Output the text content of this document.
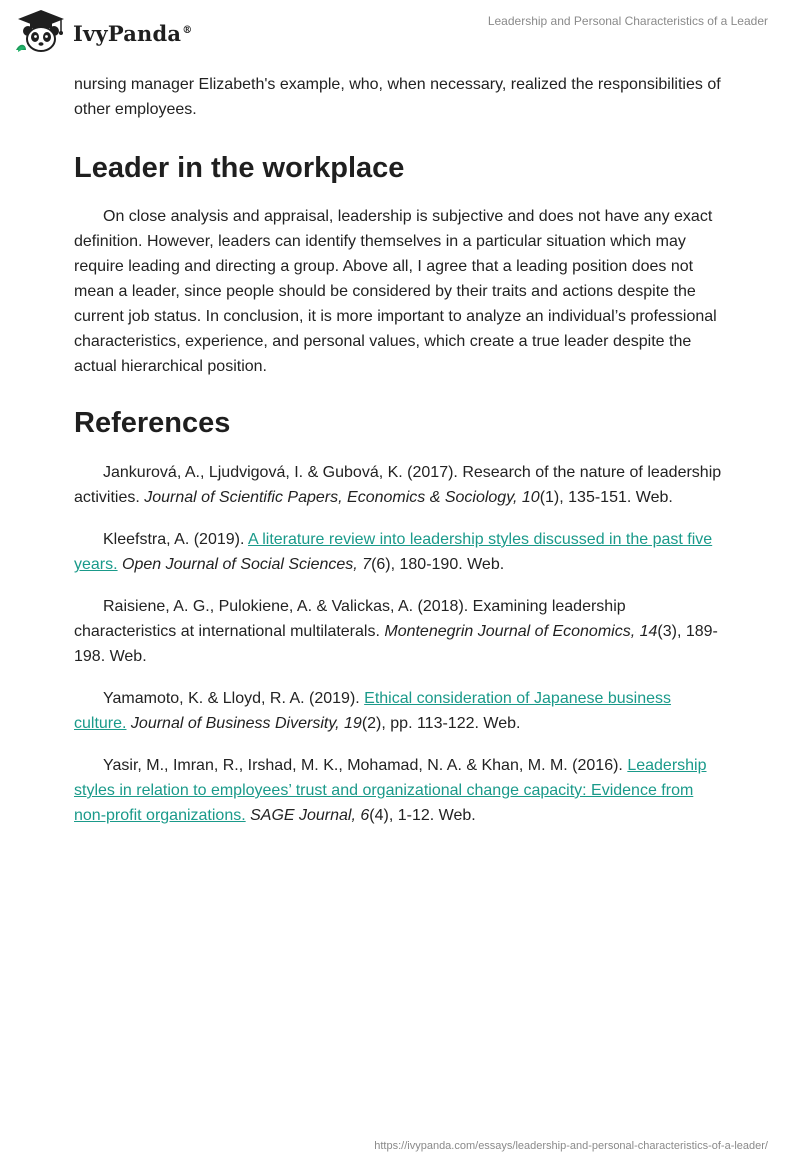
IvyPanda®
Leadership and Personal Characteristics of a Leader

nursing manager Elizabeth's example, who, when necessary, realized the responsibilities of other employees.

Leader in the workplace

On close analysis and appraisal, leadership is subjective and does not have any exact definition. However, leaders can identify themselves in a particular situation which may require leading and directing a group. Above all, I agree that a leading position does not mean a leader, since people should be considered by their traits and actions despite the current job status. In conclusion, it is more important to analyze an individual’s professional characteristics, experience, and personal values, which create a true leader despite the actual hierarchical position.

References

Jankurová, A., Ljudvigová, I. & Gubová, K. (2017). Research of the nature of leadership activities. Journal of Scientific Papers, Economics & Sociology, 10(1), 135-151. Web.

Kleefstra, A. (2019). A literature review into leadership styles discussed in the past five years. Open Journal of Social Sciences, 7(6), 180-190. Web.

Raisiene, A. G., Pulokiene, A. & Valickas, A. (2018). Examining leadership characteristics at international multilaterals. Montenegrin Journal of Economics, 14(3), 189-198. Web.

Yamamoto, K. & Lloyd, R. A. (2019). Ethical consideration of Japanese business culture. Journal of Business Diversity, 19(2), pp. 113-122. Web.

Yasir, M., Imran, R., Irshad, M. K., Mohamad, N. A. & Khan, M. M. (2016). Leadership styles in relation to employees’ trust and organizational change capacity: Evidence from non-profit organizations. SAGE Journal, 6(4), 1-12. Web.

https://ivypanda.com/essays/leadership-and-personal-characteristics-of-a-leader/
